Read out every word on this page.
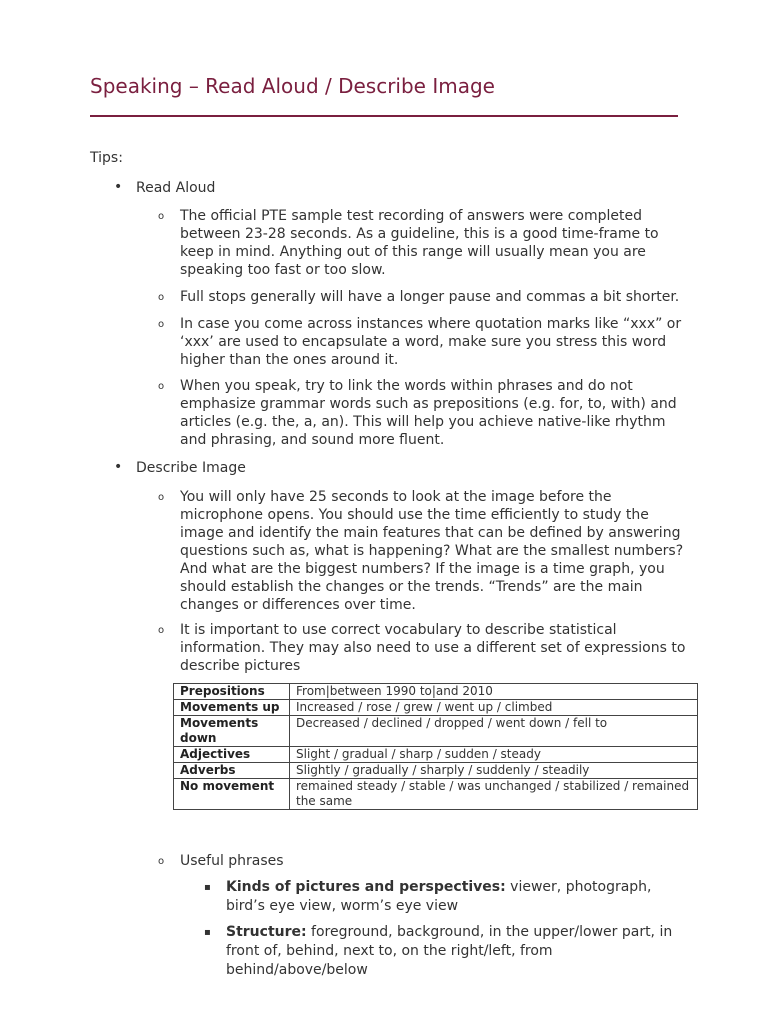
Speaking – Read Aloud / Describe Image

Tips:

• Read Aloud
o The official PTE sample test recording of answers were completed between 23-28 seconds. As a guideline, this is a good time-frame to keep in mind. Anything out of this range will usually mean you are speaking too fast or too slow.
o Full stops generally will have a longer pause and commas a bit shorter.
o In case you come across instances where quotation marks like “xxx” or ‘xxx’ are used to encapsulate a word, make sure you stress this word higher than the ones around it.
o When you speak, try to link the words within phrases and do not emphasize grammar words such as prepositions (e.g. for, to, with) and articles (e.g. the, a, an). This will help you achieve native-like rhythm and phrasing, and sound more fluent.
• Describe Image
o You will only have 25 seconds to look at the image before the microphone opens. You should use the time efficiently to study the image and identify the main features that can be defined by answering questions such as, what is happening? What are the smallest numbers? And what are the biggest numbers? If the image is a time graph, you should establish the changes or the trends. “Trends” are the main changes or differences over time.
o It is important to use correct vocabulary to describe statistical information. They may also need to use a different set of expressions to describe pictures
Prepositions	From|between 1990 to|and 2010
Movements up	Increased / rose / grew / went up / climbed
Movements down	Decreased / declined / dropped / went down / fell to
Adjectives	Slight / gradual / sharp / sudden / steady
Adverbs	Slightly / gradually / sharply / suddenly / steadily
No movement	remained steady / stable / was unchanged / stabilized / remained the same
o Useful phrases
▪ Kinds of pictures and perspectives: viewer, photograph, bird’s eye view, worm’s eye view
▪ Structure: foreground, background, in the upper/lower part, in front of, behind, next to, on the right/left, from behind/above/below
